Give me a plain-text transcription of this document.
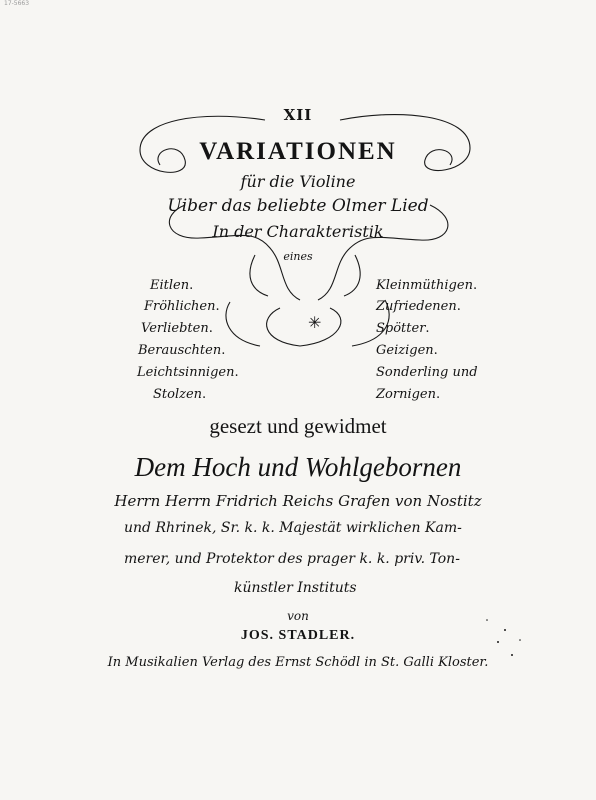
17-5663
XII
VARIATIONEN
für die Violine
Uiber das beliebte Olmer Lied
In der Charakteristik
eines
Eitlen.
Fröhlichen.
Verliebten.
Berauschten.
Leichtsinnigen.
Stolzen.
Kleinmüthigen.
Zufriedenen.
Spötter.
Geizigen.
Sonderling und
Zornigen.
✳
gesezt und gewidmet
Dem Hoch und Wohlgebornen
Herrn Herrn Fridrich Reichs Grafen von Nostitz
und Rhrinek, Sr. k. k. Majestät wirklichen Kam-
merer, und Protektor des prager k. k. priv. Ton-
künstler Instituts
von
JOS. STADLER.
In Musikalien Verlag des Ernst Schödl in St. Galli Kloster.
